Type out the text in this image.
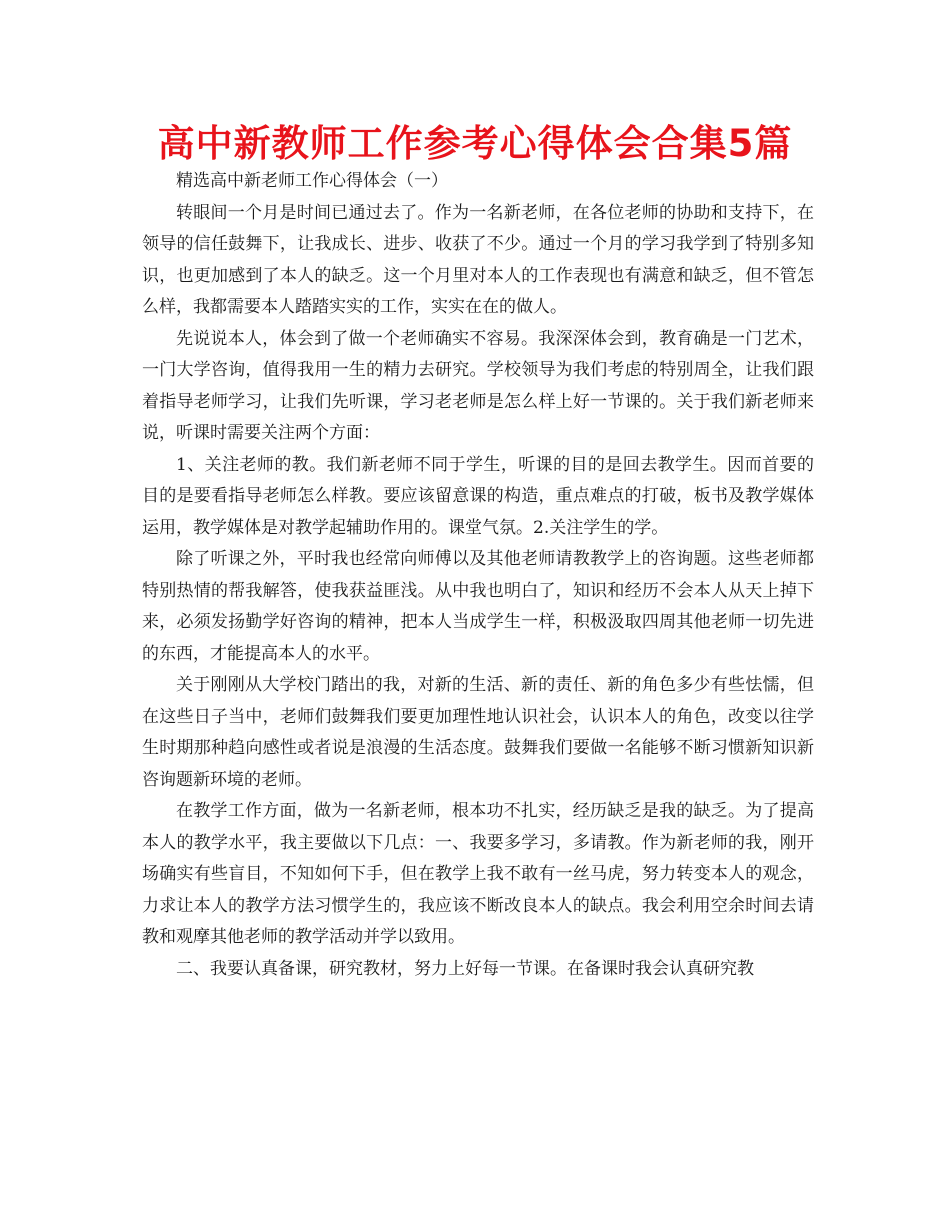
高中新教师工作参考心得体会合集5篇

精选高中新老师工作心得体会（一）

转眼间一个月是时间已通过去了。作为一名新老师，在各位老师的协助和支持下，在领导的信任鼓舞下，让我成长、进步、收获了不少。通过一个月的学习我学到了特别多知识，也更加感到了本人的缺乏。这一个月里对本人的工作表现也有满意和缺乏，但不管怎么样，我都需要本人踏踏实实的工作，实实在在的做人。

先说说本人，体会到了做一个老师确实不容易。我深深体会到，教育确是一门艺术，一门大学咨询，值得我用一生的精力去研究。学校领导为我们考虑的特别周全，让我们跟着指导老师学习，让我们先听课，学习老老师是怎么样上好一节课的。关于我们新老师来说，听课时需要关注两个方面：

1、关注老师的教。我们新老师不同于学生，听课的目的是回去教学生。因而首要的目的是要看指导老师怎么样教。要应该留意课的构造，重点难点的打破，板书及教学媒体运用，教学媒体是对教学起辅助作用的。课堂气氛。2.关注学生的学。

除了听课之外，平时我也经常向师傅以及其他老师请教教学上的咨询题。这些老师都特别热情的帮我解答，使我获益匪浅。从中我也明白了，知识和经历不会本人从天上掉下来，必须发扬勤学好咨询的精神，把本人当成学生一样，积极汲取四周其他老师一切先进的东西，才能提高本人的水平。

关于刚刚从大学校门踏出的我，对新的生活、新的责任、新的角色多少有些怯懦，但在这些日子当中，老师们鼓舞我们要更加理性地认识社会，认识本人的角色，改变以往学生时期那种趋向感性或者说是浪漫的生活态度。鼓舞我们要做一名能够不断习惯新知识新咨询题新环境的老师。

在教学工作方面，做为一名新老师，根本功不扎实，经历缺乏是我的缺乏。为了提高本人的教学水平，我主要做以下几点：一、我要多学习，多请教。作为新老师的我，刚开场确实有些盲目，不知如何下手，但在教学上我不敢有一丝马虎，努力转变本人的观念，力求让本人的教学方法习惯学生的，我应该不断改良本人的缺点。我会利用空余时间去请教和观摩其他老师的教学活动并学以致用。

二、我要认真备课，研究教材，努力上好每一节课。在备课时我会认真研究教
